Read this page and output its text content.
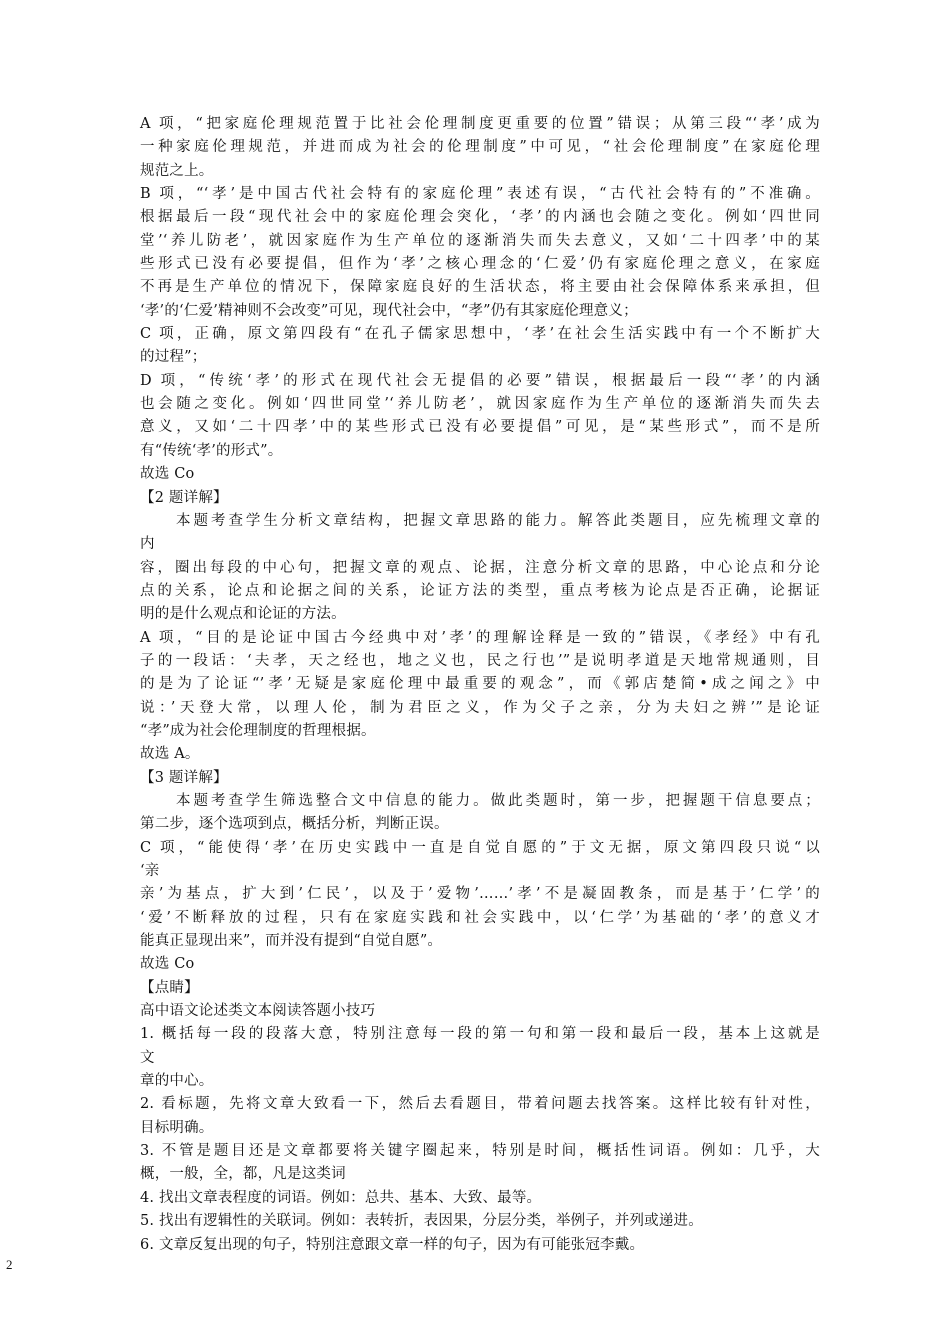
A 项，“把家庭伦理规范置于比社会伦理制度更重要的位置”错误；从第三段“‘孝’成为
一种家庭伦理规范，并进而成为社会的伦理制度”中可见，“社会伦理制度”在家庭伦理
规范之上。
B 项，“‘孝’是中国古代社会特有的家庭伦理”表述有误，“古代社会特有的”不准确。
根据最后一段“现代社会中的家庭伦理会突化，‘孝’的内涵也会随之变化。例如‘四世同
堂’‘养儿防老’，就因家庭作为生产单位的逐渐消失而失去意义，又如‘二十四孝’中的某
些形式已没有必要提倡，但作为‘孝’之核心理念的‘仁爱’仍有家庭伦理之意义，在家庭
不再是生产单位的情况下，保障家庭良好的生活状态，将主要由社会保障体系来承担，但
‘孝’的‘仁爱’精神则不会改变”可见，现代社会中，“孝”仍有其家庭伦理意义；
C 项，正确，原文第四段有“在孔子儒家思想中，‘孝’在社会生活实践中有一个不断扩大
的过程”；
D 项，“传统‘孝’的形式在现代社会无提倡的必要”错误，根据最后一段“‘孝’的内涵
也会随之变化。例如‘四世同堂’‘养儿防老’，就因家庭作为生产单位的逐渐消失而失去
意义，又如‘二十四孝’中的某些形式已没有必要提倡”可见，是“某些形式”，而不是所
有“传统‘孝’的形式”。
故选 Co
【2 题详解】
本题考查学生分析文章结构，把握文章思路的能力。解答此类题目，应先梳理文章的
内
容，圈出每段的中心句，把握文章的观点、论据，注意分析文章的思路，中心论点和分论
点的关系，论点和论据之间的关系，论证方法的类型，重点考核为论点是否正确，论据证
明的是什么观点和论证的方法。
A 项，“目的是论证中国古今经典中对’孝’的理解诠释是一致的”错误，《孝经》中有孔
子的一段话：‘夫孝，天之经也，地之义也，民之行也’”是说明孝道是天地常规通则，目
的是为了论证“’孝’无疑是家庭伦理中最重要的观念”，而《郭店楚简•成之闻之》中
说：’天登大常，以理人伦，制为君臣之义，作为父子之亲，分为夫妇之辨’”是论证
“孝”成为社会伦理制度的哲理根据。
故选 A。
【3 题详解】
本题考查学生筛选整合文中信息的能力。做此类题时，第一步，把握题干信息要点；
第二步，逐个选项到点，概括分析，判断正误。
C 项，“能使得‘孝’在历史实践中一直是自觉自愿的”于文无据，原文第四段只说“以
‘亲
亲’为基点，扩大到’仁民’，以及于’爱物’……’孝’不是凝固教条，而是基于’仁学’的
‘爱’不断释放的过程，只有在家庭实践和社会实践中，以‘仁学’为基础的‘孝’的意义才
能真正显现出来”，而并没有提到“自觉自愿”。
故选 Co
【点睛】
高中语文论述类文本阅读答题小技巧
1. 概括每一段的段落大意，特别注意每一段的第一句和第一段和最后一段，基本上这就是
文
章的中心。
2. 看标题，先将文章大致看一下，然后去看题目，带着问题去找答案。这样比较有针对性，
目标明确。
3. 不管是题目还是文章都要将关键字圈起来，特别是时间，概括性词语。例如：几乎，大
概，一般，全，都，凡是这类词
4. 找出文章表程度的词语。例如：总共、基本、大致、最等。
5. 找出有逻辑性的关联词。例如：表转折，表因果，分层分类，举例子，并列或递进。
6. 文章反复出现的句子，特别注意跟文章一样的句子，因为有可能张冠李戴。
2
